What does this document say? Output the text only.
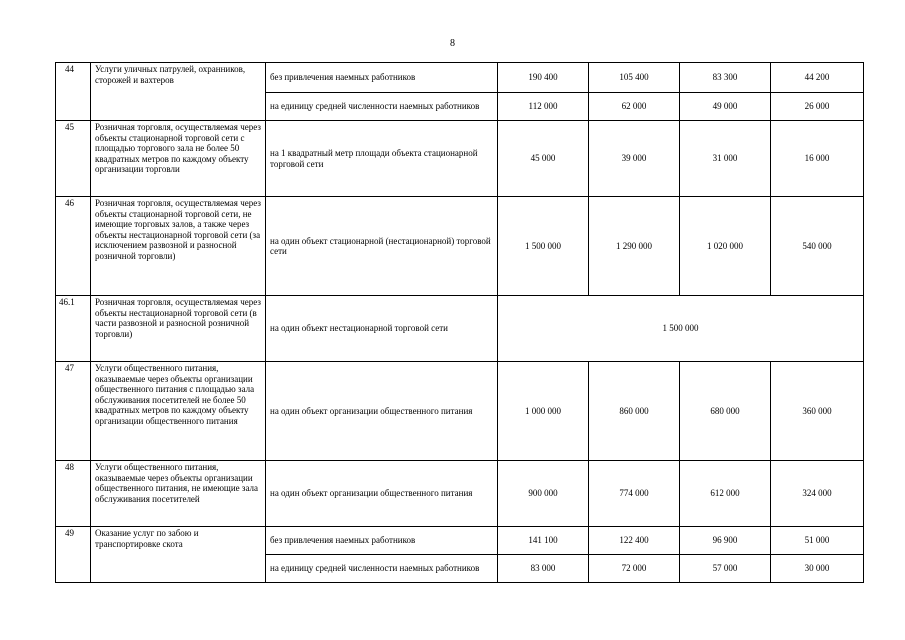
8
44	Услуги уличных патрулей, охранников, сторожей и вахтеров	без привлечения наемных работников	190 400	105 400	83 300	44 200
		на единицу средней численности наемных работников	112 000	62 000	49 000	26 000
45	Розничная торговля, осуществляемая через объекты стационарной торговой сети с площадью торгового зала не более 50 квадратных метров по каждому объекту организации торговли	на 1 квадратный метр площади объекта стационарной торговой сети	45 000	39 000	31 000	16 000
46	Розничная торговля, осуществляемая через объекты стационарной торговой сети, не имеющие торговых залов, а также через объекты нестационарной торговой сети (за исключением развозной и разносной розничной торговли)	на один объект стационарной (нестационарной) торговой сети	1 500 000	1 290 000	1 020 000	540 000
46.1	Розничная торговля, осуществляемая через объекты нестационарной торговой сети (в части развозной и разносной розничной торговли)	на один объект нестационарной торговой сети	1 500 000			
47	Услуги общественного питания, оказываемые через объекты организации общественного питания с площадью зала обслуживания посетителей не более 50 квадратных метров по каждому объекту организации общественного питания	на один объект организации общественного питания	1 000 000	860 000	680 000	360 000
48	Услуги общественного питания, оказываемые через объекты организации общественного питания, не имеющие зала обслуживания посетителей	на один объект организации общественного питания	900 000	774 000	612 000	324 000
49	Оказание услуг по забою и транспортировке скота	без привлечения наемных работников	141 100	122 400	96 900	51 000
		на единицу средней численности наемных работников	83 000	72 000	57 000	30 000
